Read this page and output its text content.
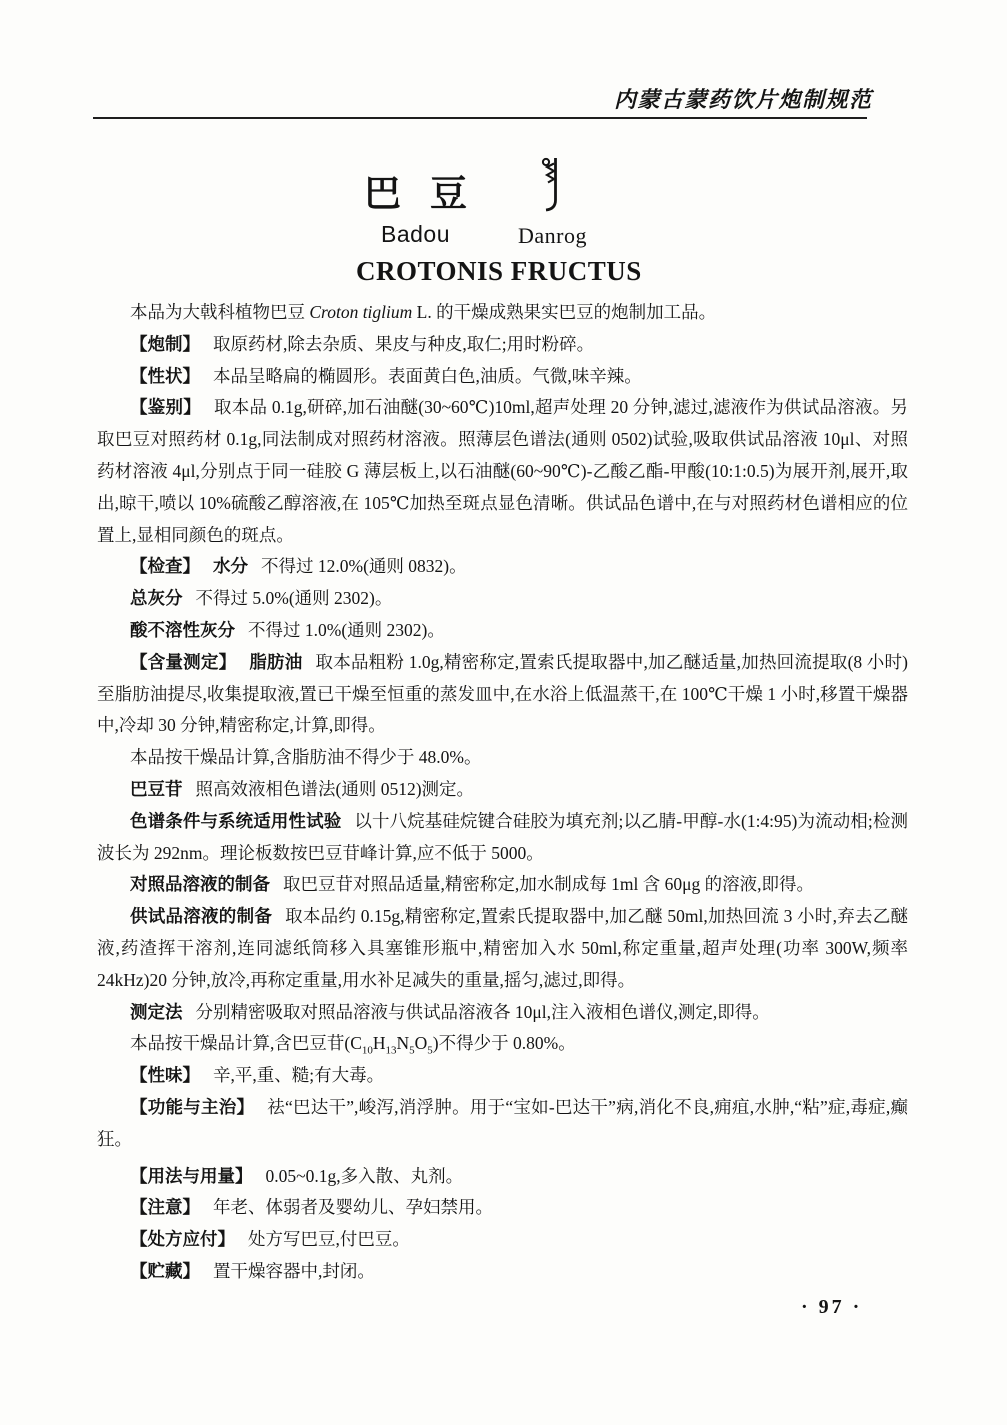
内蒙古蒙药饮片炮制规范
巴 豆
Badou	Danrog
CROTONIS FRUCTUS

本品为大戟科植物巴豆 Croton tiglium L. 的干燥成熟果实巴豆的炮制加工品。

【炮制】 取原药材,除去杂质、果皮与种皮,取仁;用时粉碎。

【性状】 本品呈略扁的椭圆形。表面黄白色,油质。气微,味辛辣。

【鉴别】 取本品 0.1g,研碎,加石油醚(30~60℃)10ml,超声处理 20 分钟,滤过,滤液作为供试品溶液。另取巴豆对照药材 0.1g,同法制成对照药材溶液。照薄层色谱法(通则 0502)试验,吸取供试品溶液 10μl、对照药材溶液 4μl,分别点于同一硅胶 G 薄层板上,以石油醚(60~90℃)-乙酸乙酯-甲酸(10:1:0.5)为展开剂,展开,取出,晾干,喷以 10%硫酸乙醇溶液,在 105℃加热至斑点显色清晰。供试品色谱中,在与对照药材色谱相应的位置上,显相同颜色的斑点。

【检查】 水分 不得过 12.0%(通则 0832)。

总灰分 不得过 5.0%(通则 2302)。

酸不溶性灰分 不得过 1.0%(通则 2302)。

【含量测定】 脂肪油 取本品粗粉 1.0g,精密称定,置索氏提取器中,加乙醚适量,加热回流提取(8 小时)至脂肪油提尽,收集提取液,置已干燥至恒重的蒸发皿中,在水浴上低温蒸干,在 100℃干燥 1 小时,移置干燥器中,冷却 30 分钟,精密称定,计算,即得。

本品按干燥品计算,含脂肪油不得少于 48.0%。

巴豆苷 照高效液相色谱法(通则 0512)测定。

色谱条件与系统适用性试验 以十八烷基硅烷键合硅胶为填充剂;以乙腈-甲醇-水(1:4:95)为流动相;检测波长为 292nm。理论板数按巴豆苷峰计算,应不低于 5000。

对照品溶液的制备 取巴豆苷对照品适量,精密称定,加水制成每 1ml 含 60μg 的溶液,即得。

供试品溶液的制备 取本品约 0.15g,精密称定,置索氏提取器中,加乙醚 50ml,加热回流 3 小时,弃去乙醚液,药渣挥干溶剂,连同滤纸筒移入具塞锥形瓶中,精密加入水 50ml,称定重量,超声处理(功率 300W,频率 24kHz)20 分钟,放冷,再称定重量,用水补足减失的重量,摇匀,滤过,即得。

测定法 分别精密吸取对照品溶液与供试品溶液各 10μl,注入液相色谱仪,测定,即得。

本品按干燥品计算,含巴豆苷$(C_{10}H_{13}N_5O_5)$不得少于 0.80%。

【性味】 辛,平,重、糙;有大毒。

【功能与主治】 祛“巴达干”,峻泻,消浮肿。用于“宝如-巴达干”病,消化不良,痈疽,水肿,“粘”症,毒症,癫狂。

【用法与用量】 0.05~0.1g,多入散、丸剂。

【注意】 年老、体弱者及婴幼儿、孕妇禁用。

【处方应付】 处方写巴豆,付巴豆。

【贮藏】 置干燥容器中,封闭。

· 97 ·
